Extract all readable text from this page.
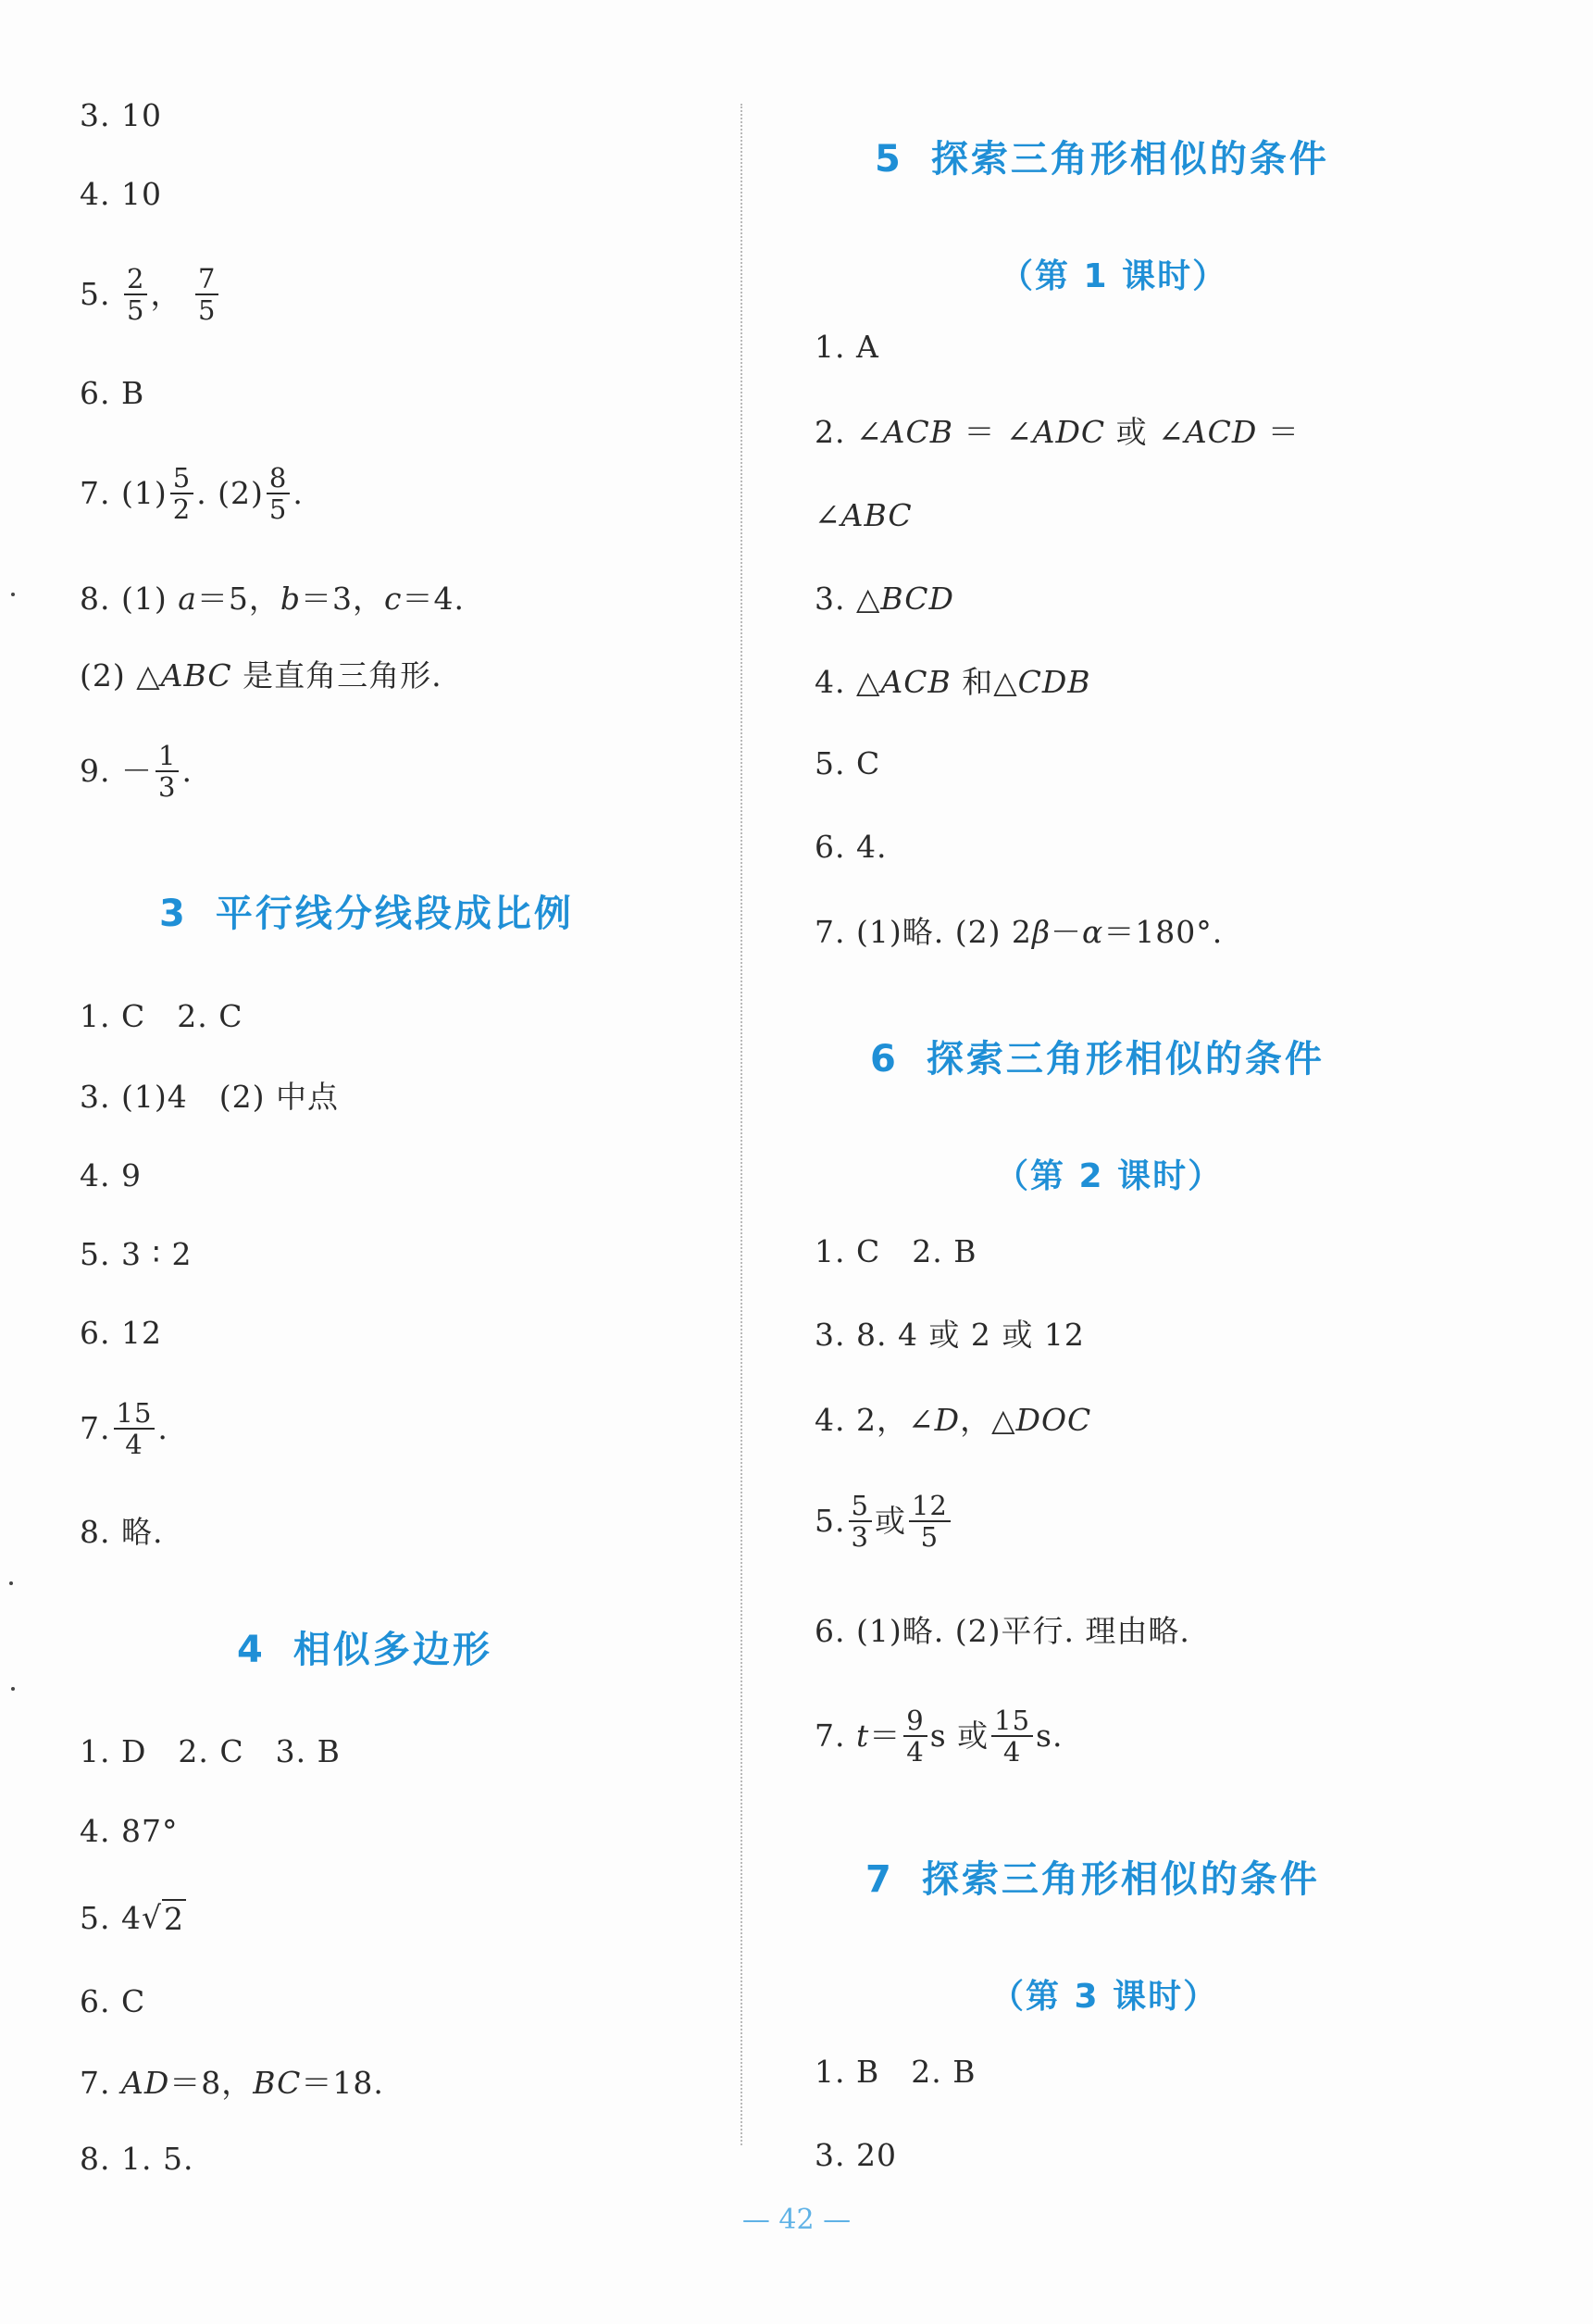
3. 10
4. 10
5. $\frac{2}{5}$ ， $\frac{7}{5}$
6. B
7. $(1) \frac{5}{2}$ . $(2) \frac{8}{5}$ .
8. (1) a＝5，b＝3，c＝4.
(2) △ABC 是直角三角形.
9. － $\frac{1}{3}$ .
3 平行线分线段成比例
1. C　2. C
3. (1)4　(2) 中点
4. 9
5. 3 ∶ 2
6. 12
7. $\frac{15}{4}$ .
8. 略.
4 相似多边形
1. D　2. C　3. B
4. 87°
5. 4√2
6. C
7. AD＝8，BC＝18.
8. 1. 5.
5 探索三角形相似的条件
（第 1 课时）
1. A
2. ∠ACB ＝ ∠ADC 或 ∠ACD ＝
∠ABC
3. △BCD
4. △ACB 和△CDB
5. C
6. 4.
7. (1)略. (2) 2β－α＝180°.
6 探索三角形相似的条件
（第 2 课时）
1. C　2. B
3. 8. 4 或 2 或 12
4. 2，∠D，△DOC
5. $\frac{5}{3}$ 或 $\frac{12}{5}$
6. (1)略. (2)平行. 理由略.
7. $t= \frac{9}{4}$ s 或 $\frac{15}{4} s$.
7 探索三角形相似的条件
（第 3 课时）
1. B　2. B
3. 20
— 42 —
